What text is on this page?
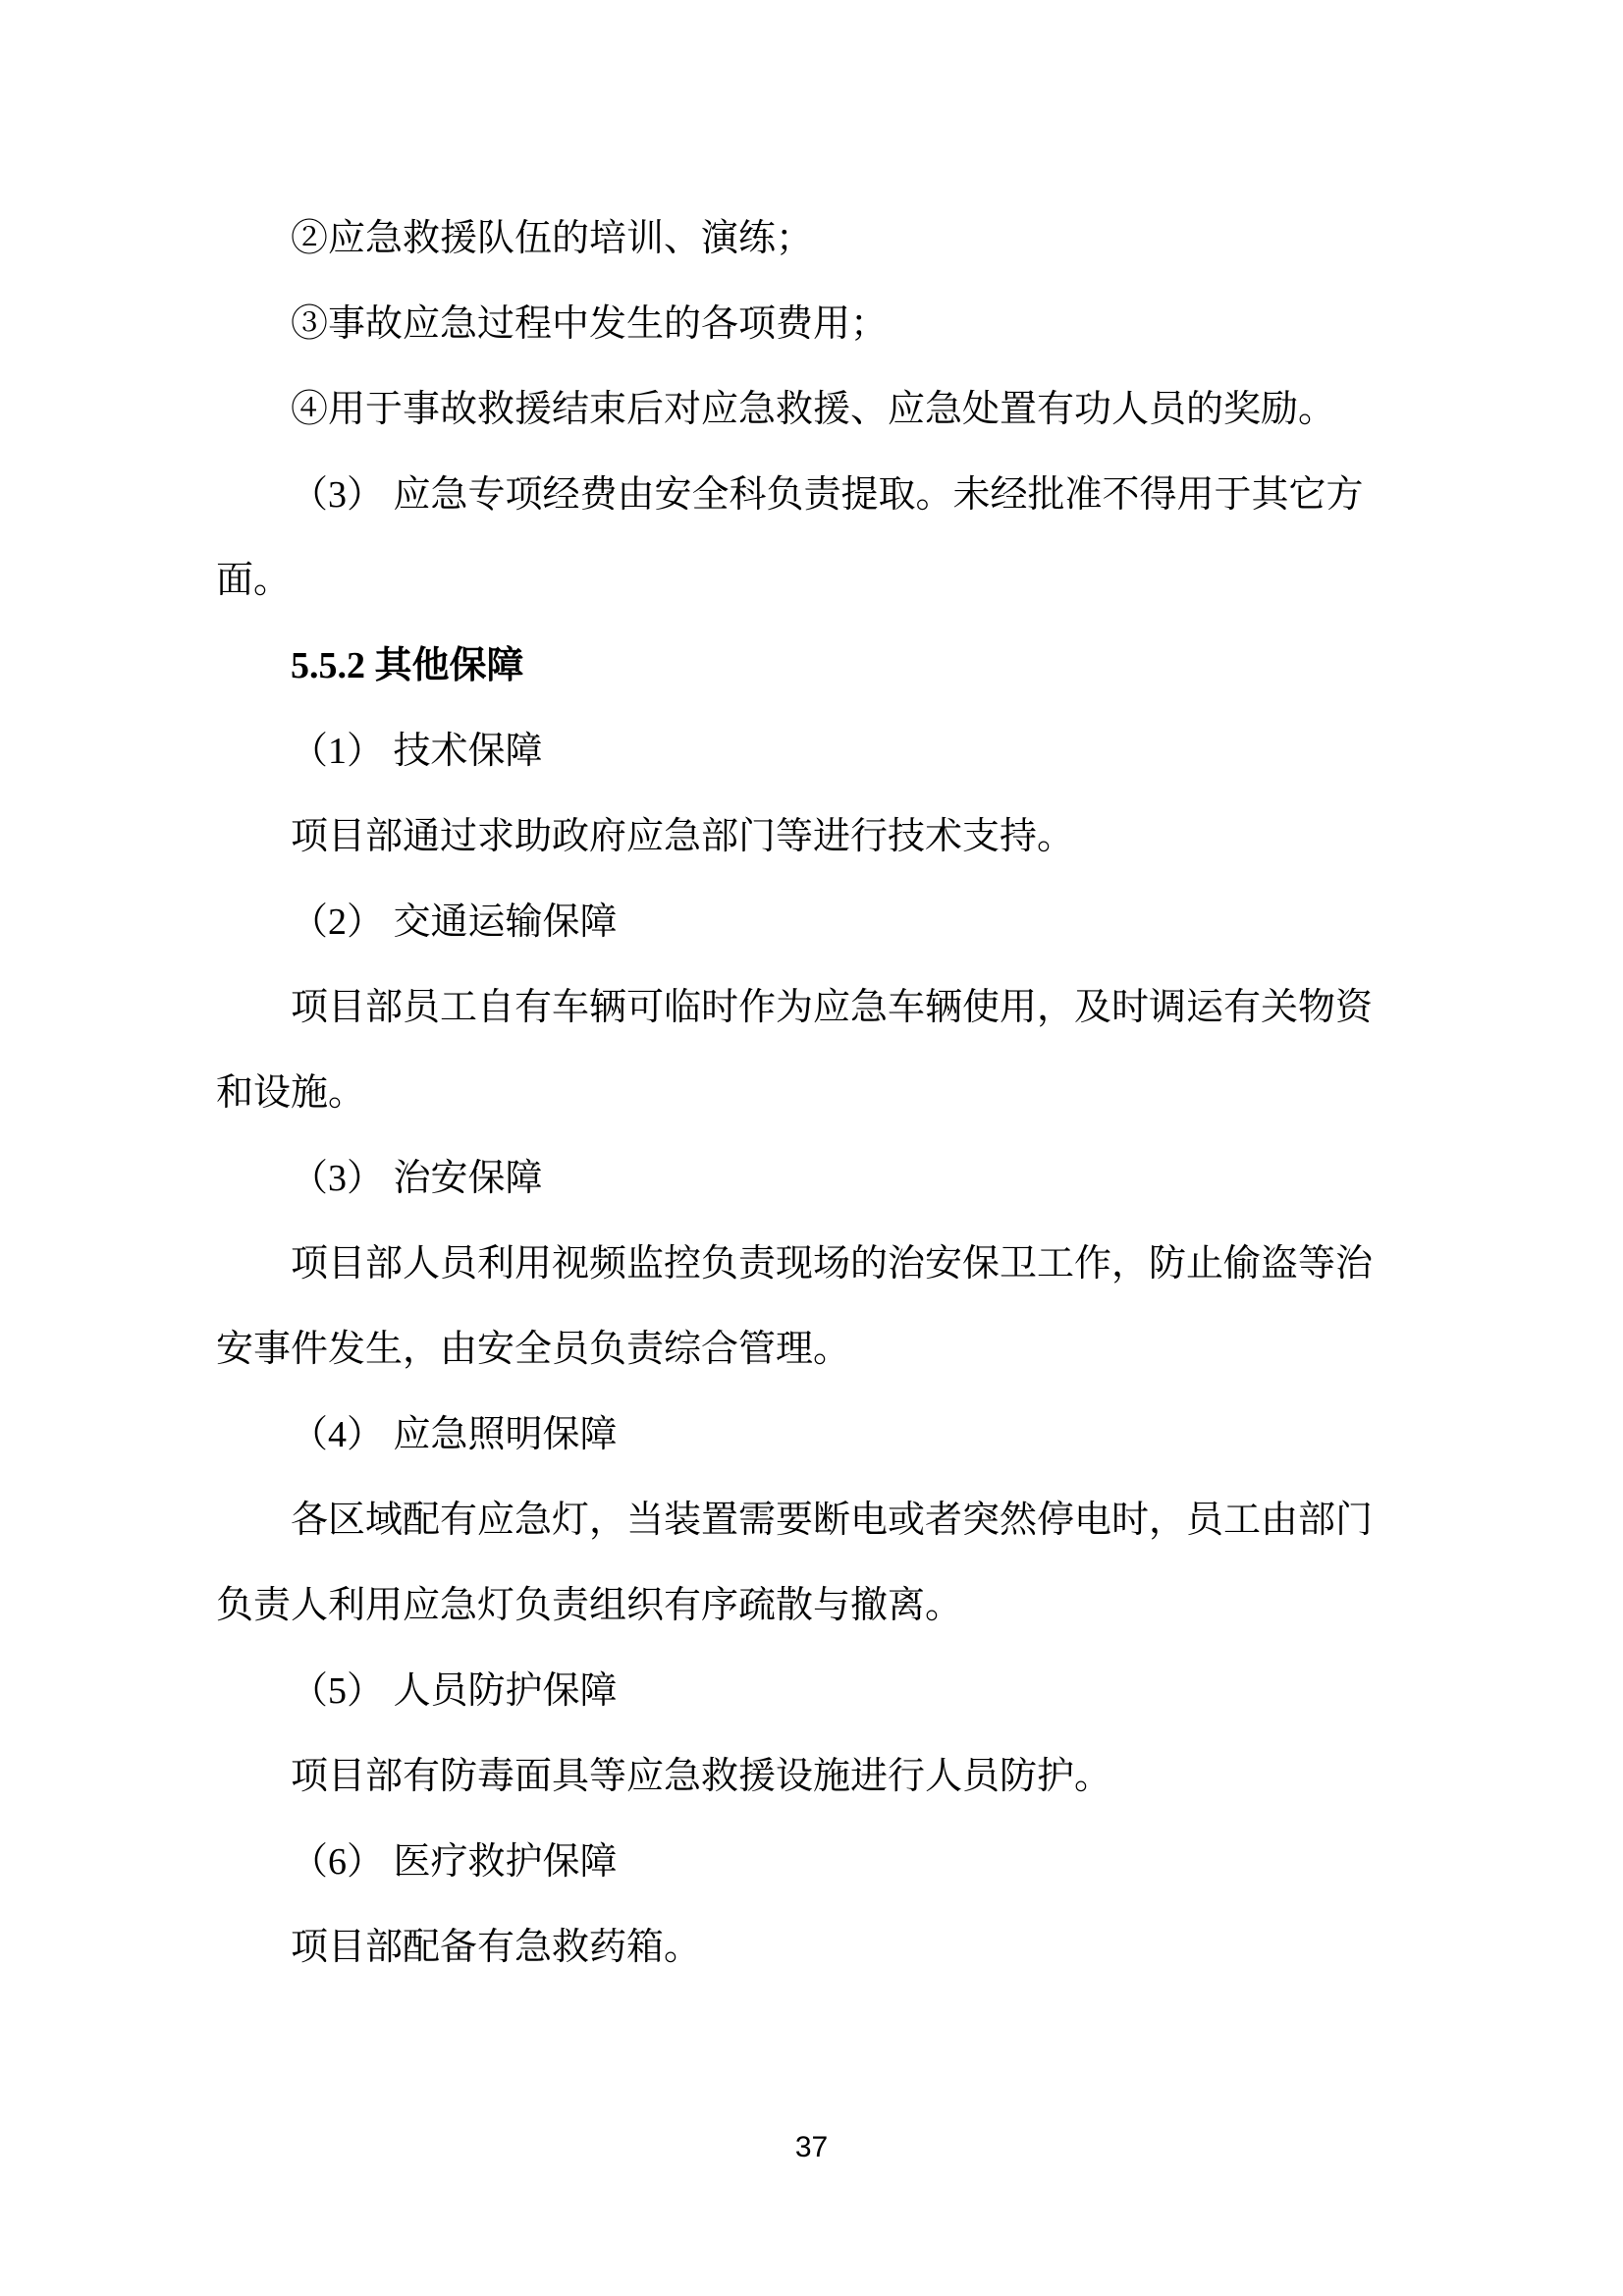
②应急救援队伍的培训、演练；
③事故应急过程中发生的各项费用；
④用于事故救援结束后对应急救援、应急处置有功人员的奖励。
（3） 应急专项经费由安全科负责提取。未经批准不得用于其它方
面。
5.5.2 其他保障
（1） 技术保障
项目部通过求助政府应急部门等进行技术支持。
（2） 交通运输保障
项目部员工自有车辆可临时作为应急车辆使用，及时调运有关物资
和设施。
（3） 治安保障
项目部人员利用视频监控负责现场的治安保卫工作，防止偷盗等治
安事件发生，由安全员负责综合管理。
（4） 应急照明保障
各区域配有应急灯，当装置需要断电或者突然停电时，员工由部门
负责人利用应急灯负责组织有序疏散与撤离。
（5） 人员防护保障
项目部有防毒面具等应急救援设施进行人员防护。
（6） 医疗救护保障
项目部配备有急救药箱。
37
